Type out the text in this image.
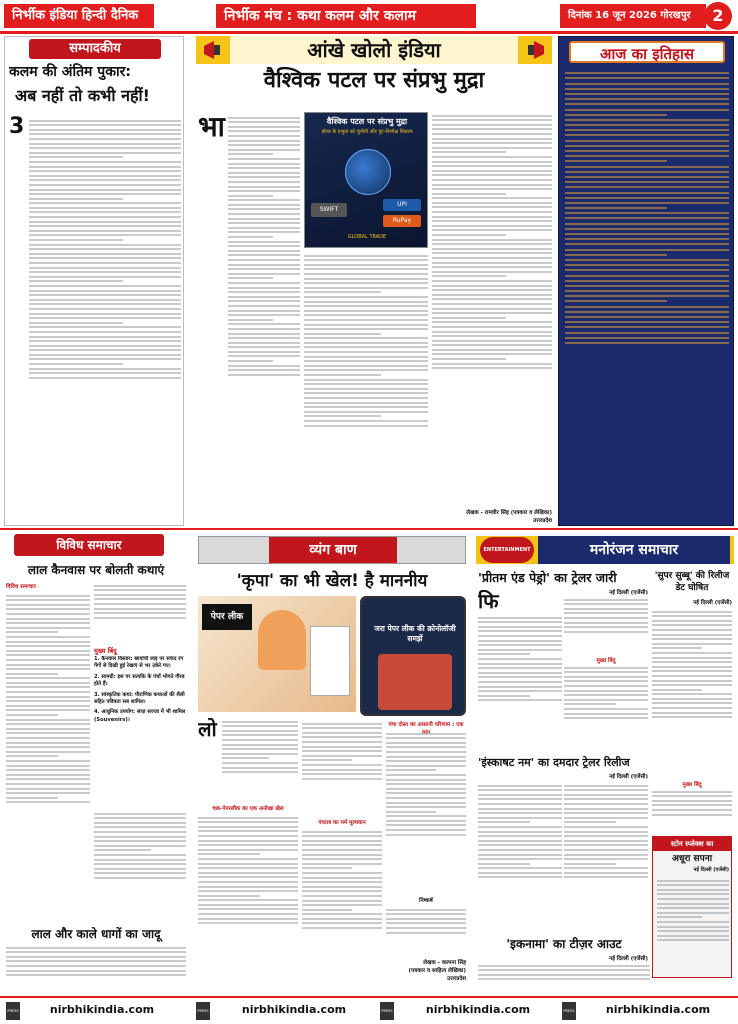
निर्भीक इंडिया हिन्दी दैनिक	निर्भीक मंच : कथा कलम और कलाम	दिनांक 16 जून 2026 गोरखपुर	2
सम्पादकीय
कलम की अंतिम पुकार:
अब नहीं तो कभी नहीं!
3
आंखे खोलो इंडिया
वैश्विक पटल पर संप्रभु मुद्रा
भा	वैश्विक पटल पर संप्रभु मुद्रा
डॉलर के प्रभुत्व को चुनौती और गुट-निरपेक्ष विकल्प
SWIFT
UPI
RuPay
GLOBAL TRADE
लेखक - रामधीर सिंह (पत्रकार व लेखिका)
उत्तरप्रदेश
आज का इतिहास
विविध समाचार
लाल कैनवास पर बोलती कथाएं
विविध समाचार
मुख्य बिंदु
1. कैनवास विस्तार: छायांची लाइ पर सफेद रंग गेंगों से दिखी हुई रेखाएं से भर उकेरे गए।
2. सामग्री: इस पर सत्यकि के पंचों भोगते गौरव होते हैं।
3. सांस्कृतिक कथा: पौराणिक कथाओं की शैली सहित पवित्रता सब शामिल।
4. आधुनिक उपयोग: साज़ सज्जा में भी शामिल (Souvenirs)।
लाल और काले धागों का जादू
व्यंग बाण
'कृपा' का भी खेल! है माननीय
पेपर लीक
जरा पेपर लीक की क्रोनोलॉजी समझें
लो
चक्र-पेपरलीक का एक अनोखा खेल
पंचतत्र का मर्म मूल्यवान
पंचा दोस्त का आसानी परिणाम : एक
निष्कर्ष
लेखक - कल्पना सिंह
(पत्रकार व साहित्य लेखिका)
उत्तरप्रदेश
ENTERTAINMENT	मनोरंजन समाचार
'प्रीतम एंड पेड्रो' का ट्रेलर जारी	'सुपर सुब्बू' की रिलीज डेट घोषित
नई दिल्ली (एजेंसी)
फि
मुख्य बिंदु
नई दिल्ली (एजेंसी)
मुख्य बिंदु
'इंस्काषट नम' का दमदार ट्रेलर रिलीज
नई दिल्ली (एजेंसी)
स्टोन स्प्लेक्श का
अधूरा सपना
नई दिल्ली (एजेंसी)
'इकनामा' का टीज़र आउट
नई दिल्ली (एजेंसी)
PRESS	nirbhikindia.com	PRESS	nirbhikindia.com	PRESS	nirbhikindia.com	PRESS	nirbhikindia.com
